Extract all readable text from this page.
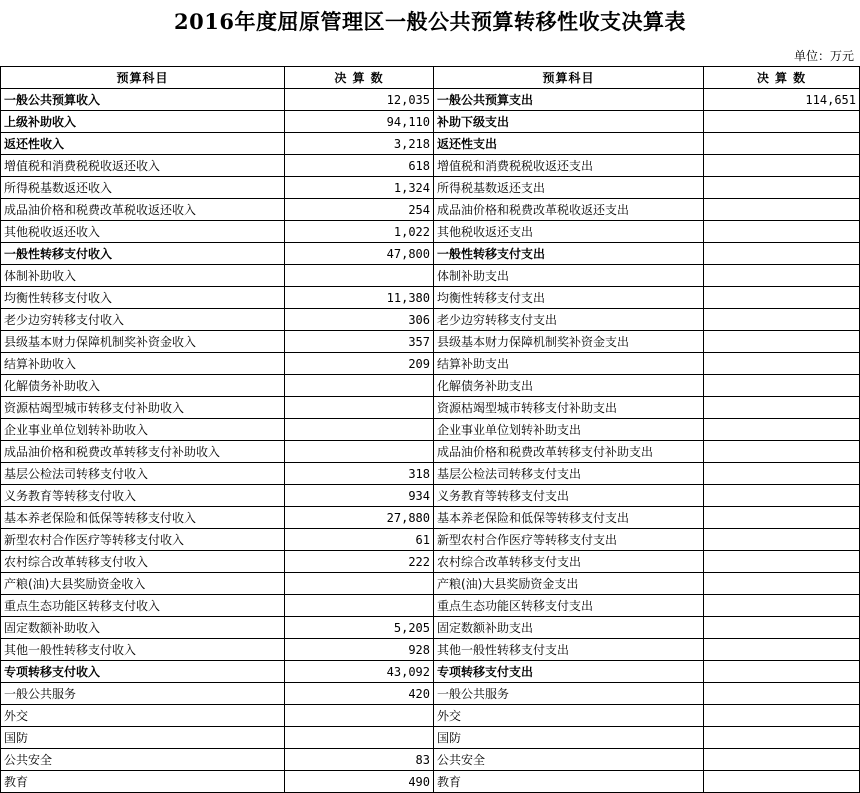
2016年度屈原管理区一般公共预算转移性收支决算表
单位：万元
预算科目	决 算 数	预算科目	决 算 数
一般公共预算收入	12,035	一般公共预算支出	114,651
上级补助收入	94,110	补助下级支出	
返还性收入	3,218	返还性支出	
增值税和消费税税收返还收入	618	增值税和消费税税收返还支出	
所得税基数返还收入	1,324	所得税基数返还支出	
成品油价格和税费改革税收返还收入	254	成品油价格和税费改革税收返还支出	
其他税收返还收入	1,022	其他税收返还支出	
一般性转移支付收入	47,800	一般性转移支付支出	
体制补助收入		体制补助支出	
均衡性转移支付收入	11,380	均衡性转移支付支出	
老少边穷转移支付收入	306	老少边穷转移支付支出	
县级基本财力保障机制奖补资金收入	357	县级基本财力保障机制奖补资金支出	
结算补助收入	209	结算补助支出	
化解债务补助收入		化解债务补助支出	
资源枯竭型城市转移支付补助收入		资源枯竭型城市转移支付补助支出	
企业事业单位划转补助收入		企业事业单位划转补助支出	
成品油价格和税费改革转移支付补助收入		成品油价格和税费改革转移支付补助支出	
基层公检法司转移支付收入	318	基层公检法司转移支付支出	
义务教育等转移支付收入	934	义务教育等转移支付支出	
基本养老保险和低保等转移支付收入	27,880	基本养老保险和低保等转移支付支出	
新型农村合作医疗等转移支付收入	61	新型农村合作医疗等转移支付支出	
农村综合改革转移支付收入	222	农村综合改革转移支付支出	
产粮(油)大县奖励资金收入		产粮(油)大县奖励资金支出	
重点生态功能区转移支付收入		重点生态功能区转移支付支出	
固定数额补助收入	5,205	固定数额补助支出	
其他一般性转移支付收入	928	其他一般性转移支付支出	
专项转移支付收入	43,092	专项转移支付支出	
一般公共服务	420	一般公共服务	
外交		外交	
国防		国防	
公共安全	83	公共安全	
教育	490	教育	
